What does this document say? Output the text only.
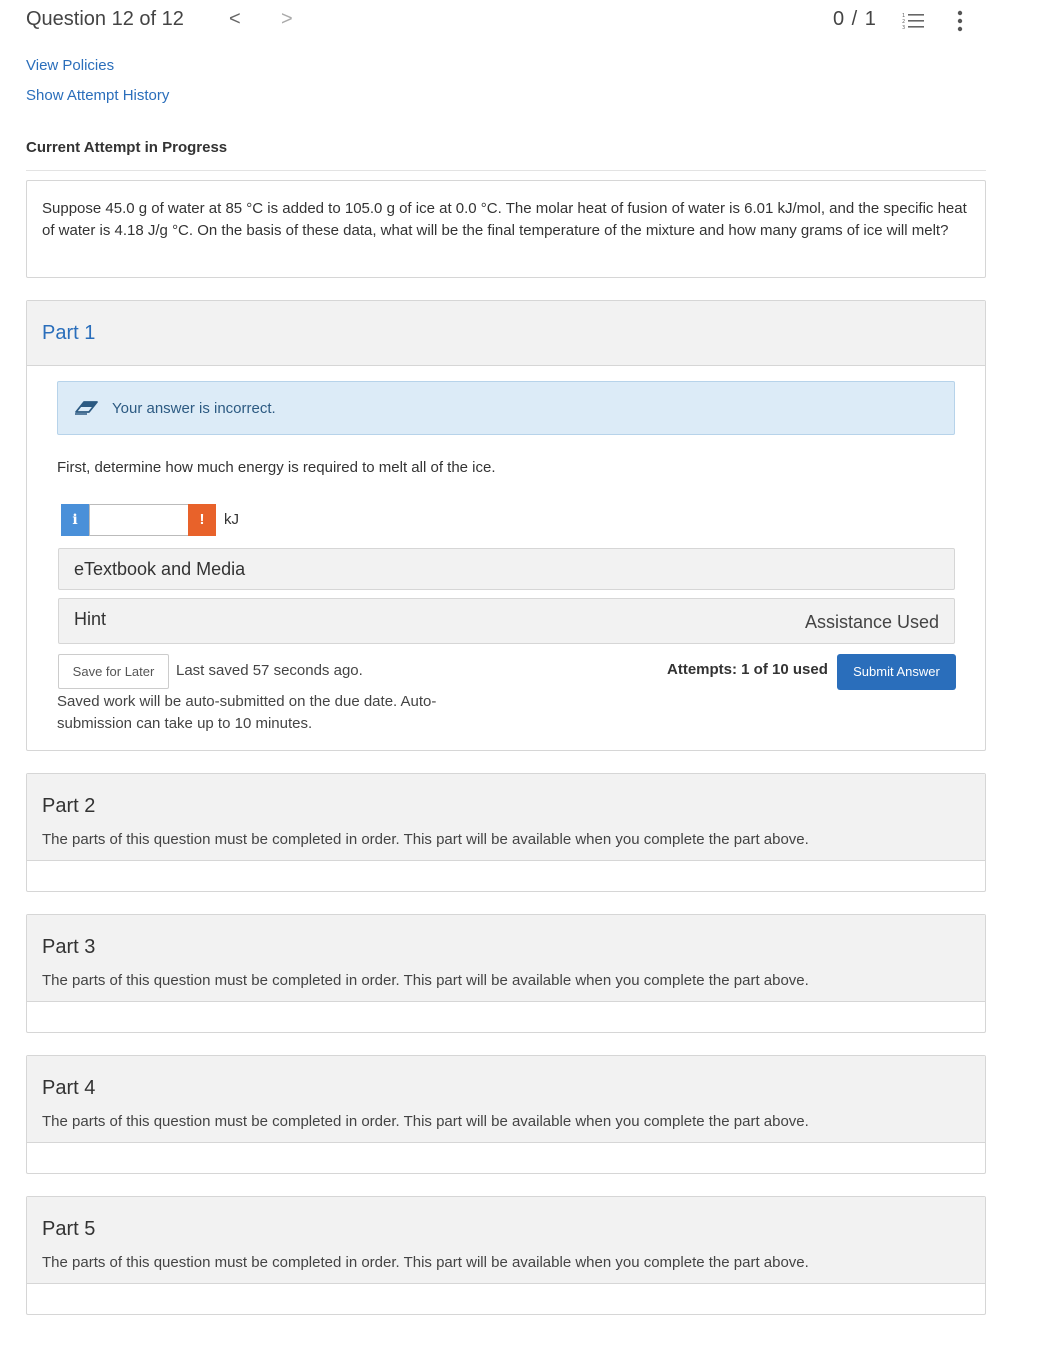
Question 12 of 12 < >	0 / 1	1
2
3
View Policies
Show Attempt History
Current Attempt in Progress
Suppose 45.0 g of water at 85 °C is added to 105.0 g of ice at 0.0 °C. The molar heat of fusion of water is 6.01 kJ/mol, and the specific heat of water is 4.18 J/g °C. On the basis of these data, what will be the final temperature of the mixture and how many grams of ice will melt?
Part 1
Your answer is incorrect.
First, determine how much energy is required to melt all of the ice.
i	!	kJ
eTextbook and Media
Hint	Assistance Used
Save for Later	Last saved 57 seconds ago.
Saved work will be auto-submitted on the due date. Auto-submission can take up to 10 minutes.
Attempts: 1 of 10 used	Submit Answer
Part 2
The parts of this question must be completed in order. This part will be available when you complete the part above.
Part 3
The parts of this question must be completed in order. This part will be available when you complete the part above.
Part 4
The parts of this question must be completed in order. This part will be available when you complete the part above.
Part 5
The parts of this question must be completed in order. This part will be available when you complete the part above.
